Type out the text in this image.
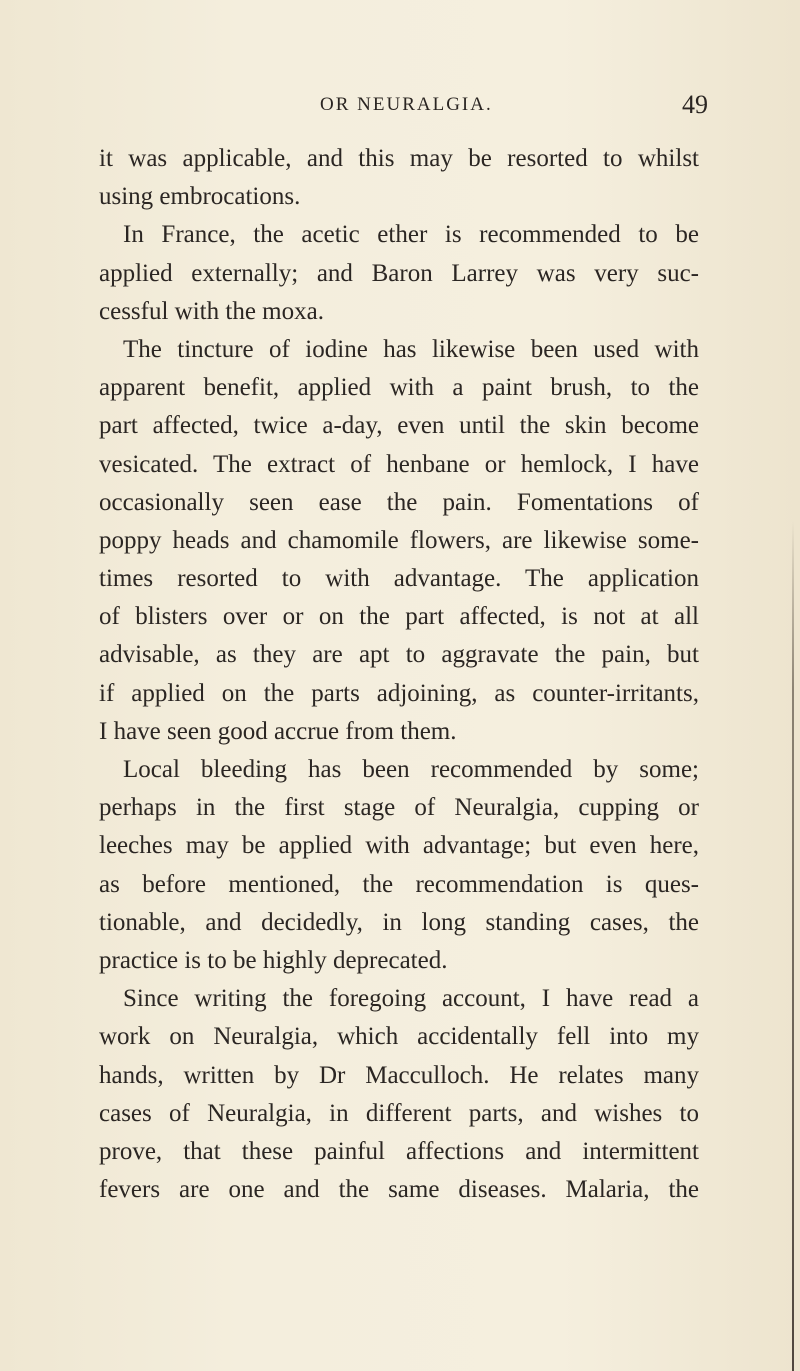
OR NEURALGIA.	49
it was applicable, and this may be resorted to whilst
using embrocations.
In France, the acetic ether is recommended to be
applied externally; and Baron Larrey was very suc-
cessful with the moxa.
The tincture of iodine has likewise been used with
apparent benefit, applied with a paint brush, to the
part affected, twice a-day, even until the skin become
vesicated. The extract of henbane or hemlock, I have
occasionally seen ease the pain. Fomentations of
poppy heads and chamomile flowers, are likewise some-
times resorted to with advantage. The application
of blisters over or on the part affected, is not at all
advisable, as they are apt to aggravate the pain, but
if applied on the parts adjoining, as counter-irritants,
I have seen good accrue from them.
Local bleeding has been recommended by some;
perhaps in the first stage of Neuralgia, cupping or
leeches may be applied with advantage; but even here,
as before mentioned, the recommendation is ques-
tionable, and decidedly, in long standing cases, the
practice is to be highly deprecated.
Since writing the foregoing account, I have read a
work on Neuralgia, which accidentally fell into my
hands, written by Dr Macculloch. He relates many
cases of Neuralgia, in different parts, and wishes to
prove, that these painful affections and intermittent
fevers are one and the same diseases. Malaria, the
